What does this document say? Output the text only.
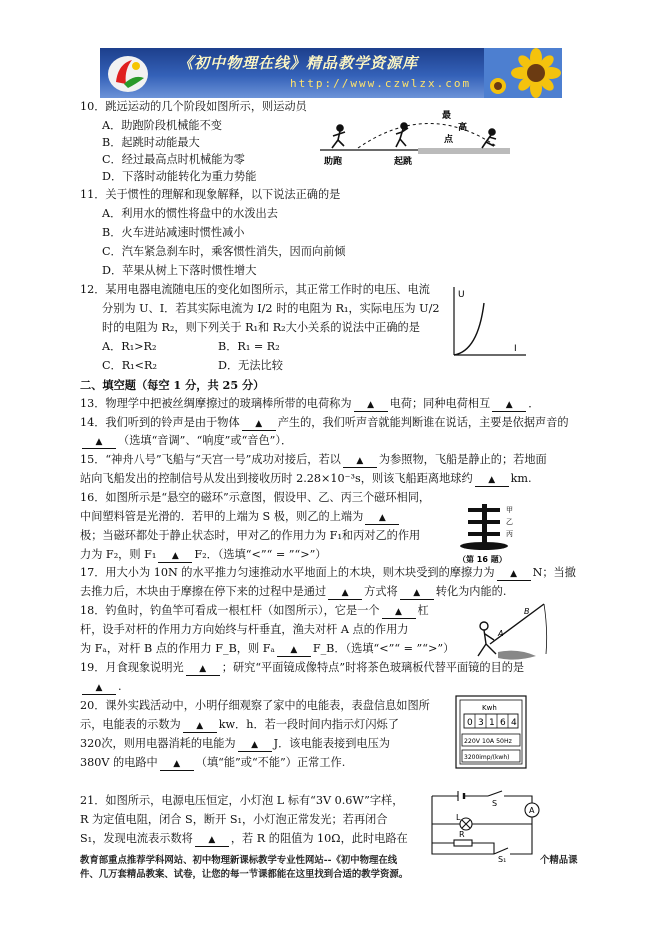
《初中物理在线》精品教学资源库
http://www.czwlzx.com
10．跳远运动的几个阶段如图所示，则运动员
A．助跑阶段机械能不变
B．起跳时动能最大
C．经过最高点时机械能为零
D．下落时动能转化为重力势能
助跑	起跳
最
高
点
11．关于惯性的理解和现象解释，以下说法正确的是
A．利用水的惯性将盘中的水泼出去
B．火车进站减速时惯性减小
C．汽车紧急刹车时，乘客惯性消失，因而向前倾
D．苹果从树上下落时惯性增大
12．某用电器电流随电压的变化如图所示，其正常工作时的电压、电流
分别为 U、I．若其实际电流为 I/2 时的电阻为 R₁，实际电压为 U/2
时的电阻为 R₂，则下列关于 R₁和 R₂大小关系的说法中正确的是
A．R₁>R₂	B．R₁ = R₂
C．R₁<R₂	D．无法比较
U
I
二、填空题（每空 1 分，共 25 分）
13．物理学中把被丝绸摩擦过的玻璃棒所带的电荷称为 ▲ 电荷；同种电荷相互 ▲ ．
14．我们听到的铃声是由于物体 ▲ 产生的，我们听声音就能判断谁在说话，主要是依据声音的
▲ （选填“音调”、“响度”或“音色”）．
15．“神舟八号”飞船与“天宫一号”成功对接后，若以 ▲ 为参照物，飞船是静止的；若地面
站向飞船发出的控制信号从发出到接收历时 2.28×10⁻³s，则该飞船距离地球约 ▲ km.
16．如图所示是“悬空的磁环”示意图，假设甲、乙、丙三个磁环相同，
中间塑料管是光滑的．若甲的上端为 S 极，则乙的上端为 ▲
极；当磁环都处于静止状态时，甲对乙的作用力为 F₁和丙对乙的作用
力为 F₂，则 F₁ ▲ F₂．（选填“<”“ = ”“>”）
甲
乙
丙
（第 16 题）
17．用大小为 10N 的水平推力匀速推动水平地面上的木块，则木块受到的摩擦力为 ▲ N；当撤
去推力后，木块由于摩擦在停下来的过程中是通过 ▲ 方式将 ▲ 转化为内能的.
18．钓鱼时，钓鱼竿可看成一根杠杆（如图所示），它是一个 ▲ 杠
杆，设手对杆的作用力方向始终与杆垂直，渔夫对杆 A 点的作用力
为 Fₐ，对杆 B 点的作用力 F_B，则 Fₐ ▲ F_B．（选填“<”“ = ”“>”）
A
B
19．月食现象说明光 ▲ ；研究“平面镜成像特点”时将茶色玻璃板代替平面镜的目的是
▲ .
20．课外实践活动中，小明仔细观察了家中的电能表，表盘信息如图所
示，电能表的示数为 ▲ kw．h．若一段时间内指示灯闪烁了
320次，则用电器消耗的电能为 ▲ J．该电能表接到电压为
380V 的电路中 ▲ （填“能”或“不能”）正常工作.
Kwh
0 3 1 6 4
220V 10A 50Hz
3200imp/(kwh)
21．如图所示，电源电压恒定，小灯泡 L 标有“3V 0.6W”字样，
R 为定值电阻，闭合 S，断开 S₁，小灯泡正常发光；若再闭合
S₁，发现电流表示数将 ▲ ，若 R 的阻值为 10Ω，此时电路在
S
L
A
R
S₁
教育部重点推荐学科网站、初中物理新课标教学专业性网站--《初中物理在线	个精品课
件、几万套精品教案、试卷，让您的每一节课都能在这里找到合适的教学资源。
